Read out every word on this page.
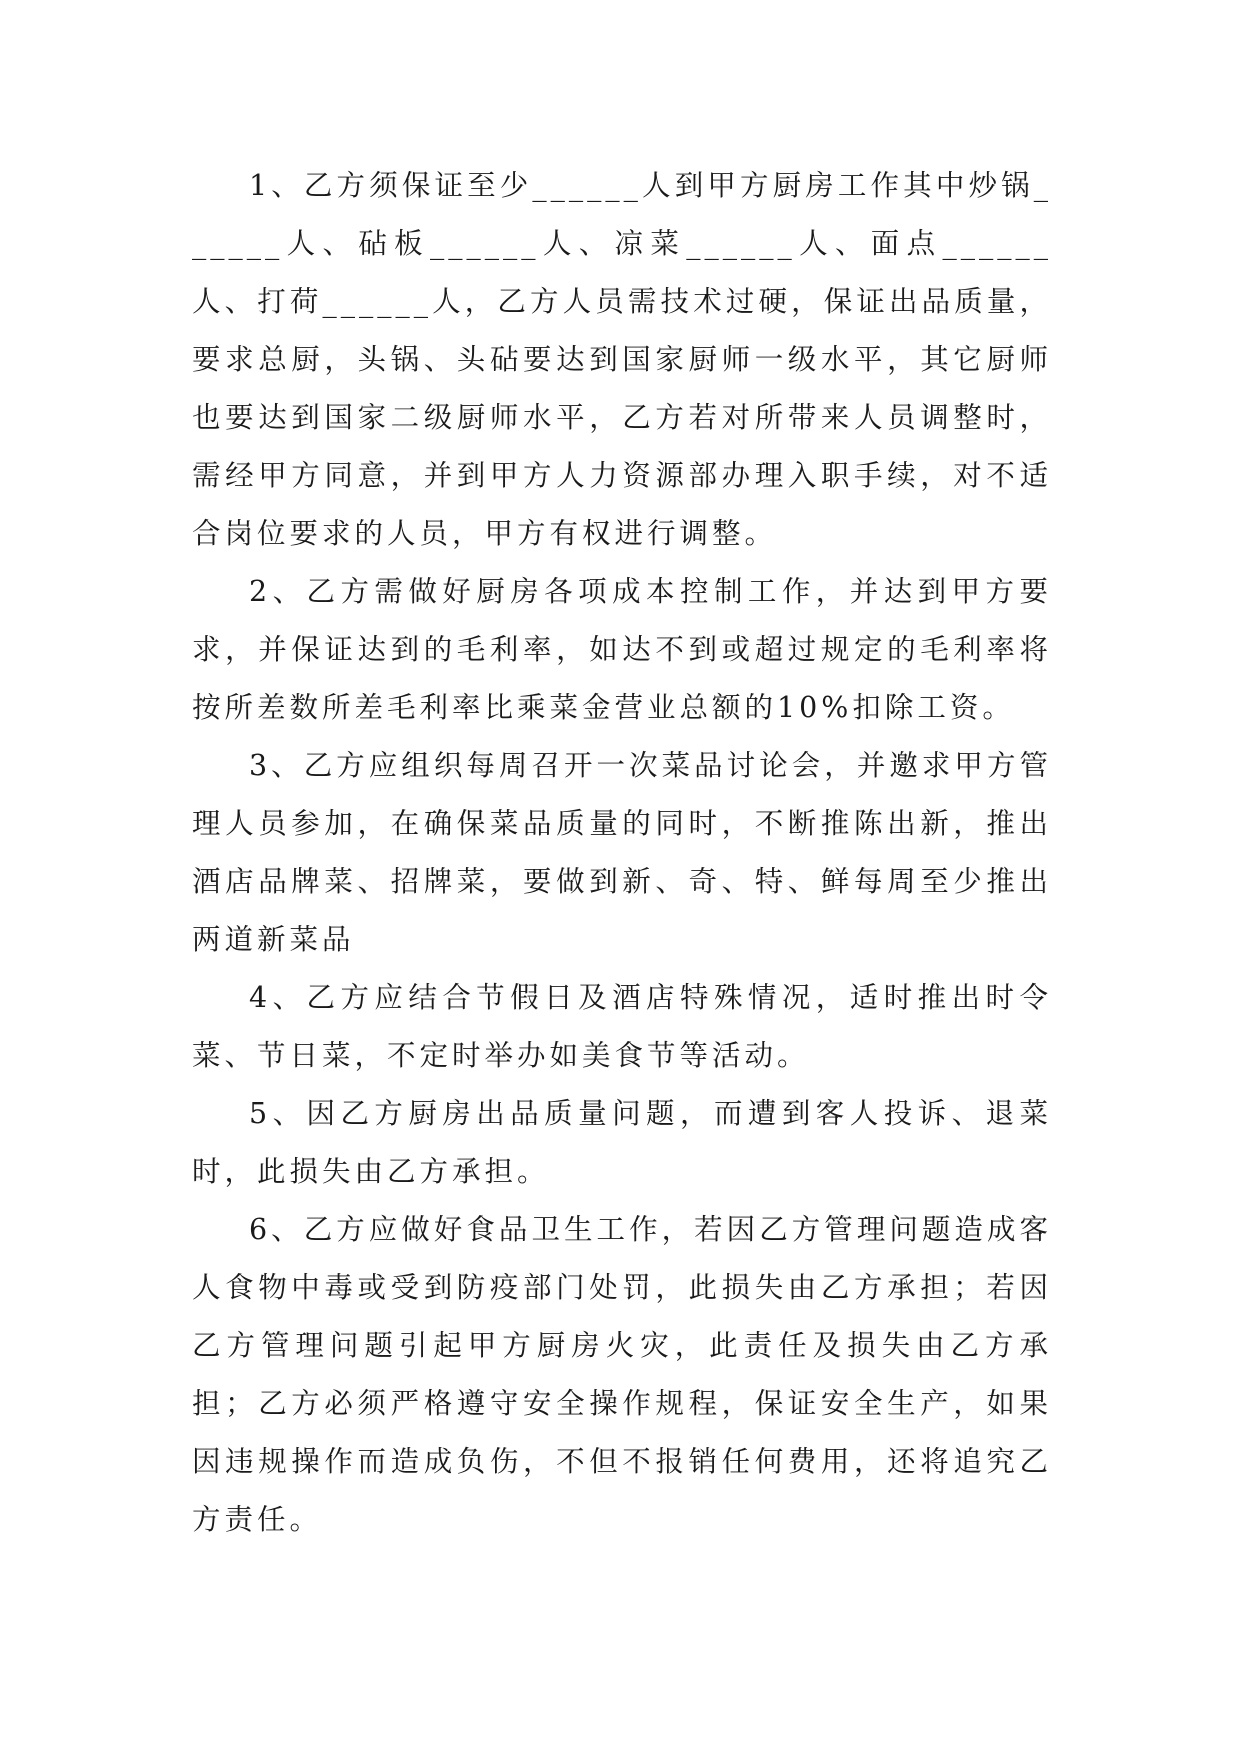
1、乙方须保证至少______人到甲方厨房工作其中炒锅______人、砧板______人、凉菜______人、面点______人、打荷______人，乙方人员需技术过硬，保证出品质量，要求总厨，头锅、头砧要达到国家厨师一级水平，其它厨师也要达到国家二级厨师水平，乙方若对所带来人员调整时，需经甲方同意，并到甲方人力资源部办理入职手续，对不适合岗位要求的人员，甲方有权进行调整。

2、乙方需做好厨房各项成本控制工作，并达到甲方要求，并保证达到的毛利率，如达不到或超过规定的毛利率将按所差数所差毛利率比乘菜金营业总额的10%扣除工资。

3、乙方应组织每周召开一次菜品讨论会，并邀求甲方管理人员参加，在确保菜品质量的同时，不断推陈出新，推出酒店品牌菜、招牌菜，要做到新、奇、特、鲜每周至少推出两道新菜品

4、乙方应结合节假日及酒店特殊情况，适时推出时令菜、节日菜，不定时举办如美食节等活动。

5、因乙方厨房出品质量问题，而遭到客人投诉、退菜时，此损失由乙方承担。

6、乙方应做好食品卫生工作，若因乙方管理问题造成客人食物中毒或受到防疫部门处罚，此损失由乙方承担；若因乙方管理问题引起甲方厨房火灾，此责任及损失由乙方承担；乙方必须严格遵守安全操作规程，保证安全生产，如果因违规操作而造成负伤，不但不报销任何费用，还将追究乙方责任。
